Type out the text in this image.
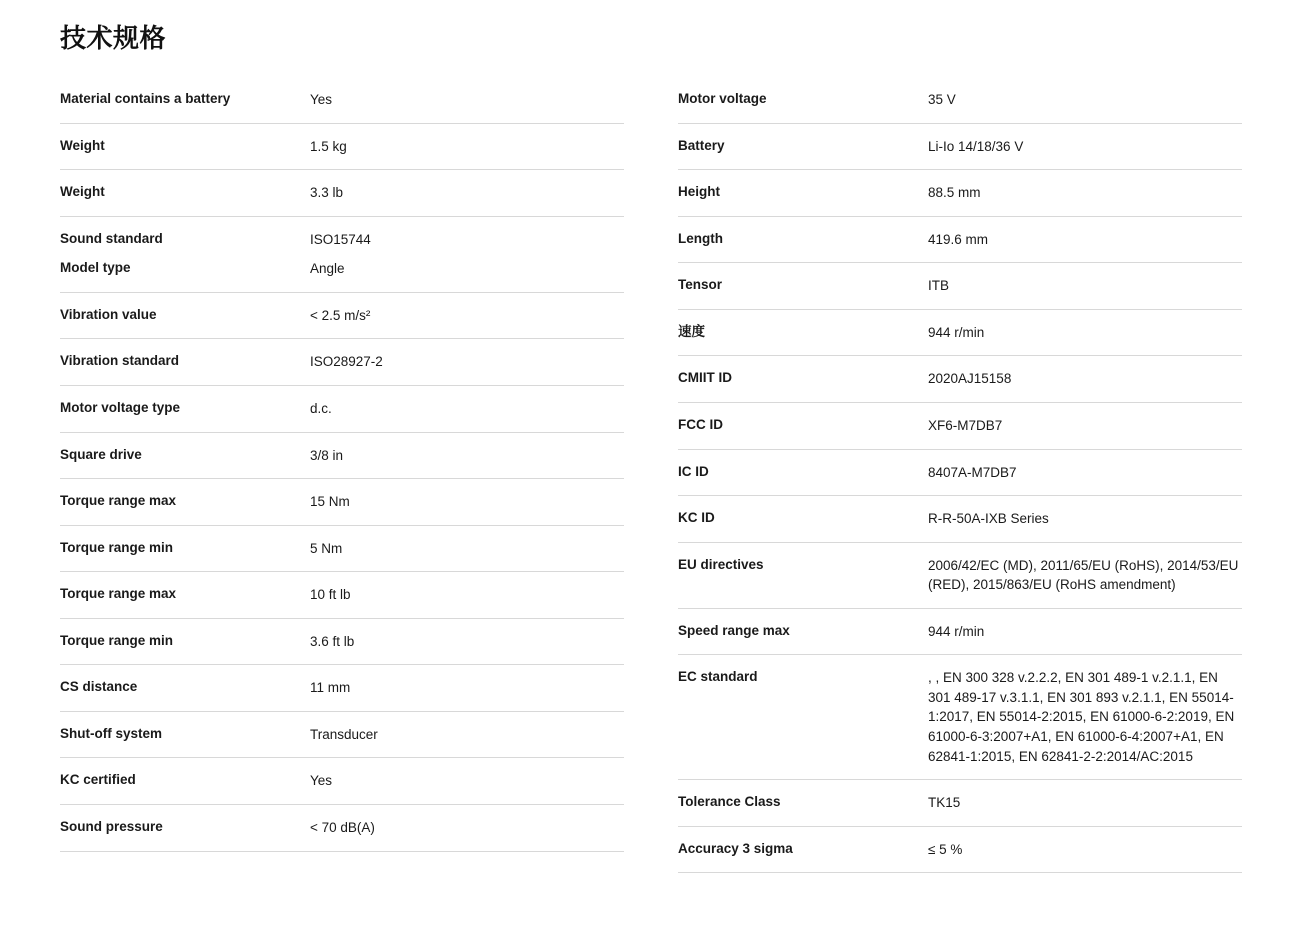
技术规格
Material contains a battery	Yes
Weight	1.5 kg
Weight	3.3 lb
Sound standard	ISO15744
Model type	Angle
Vibration value	< 2.5 m/s²
Vibration standard	ISO28927-2
Motor voltage type	d.c.
Square drive	3/8 in
Torque range max	15 Nm
Torque range min	5 Nm
Torque range max	10 ft lb
Torque range min	3.6 ft lb
CS distance	11 mm
Shut-off system	Transducer
KC certified	Yes
Sound pressure	< 70 dB(A)
Motor voltage	35 V
Battery	Li-Io 14/18/36 V
Height	88.5 mm
Length	419.6 mm
Tensor	ITB
速度	944 r/min
CMIIT ID	2020AJ15158
FCC ID	XF6-M7DB7
IC ID	8407A-M7DB7
KC ID	R-R-50A-IXB Series
EU directives	2006/42/EC (MD), 2011/65/EU (RoHS), 2014/53/EU (RED), 2015/863/EU (RoHS amendment)
Speed range max	944 r/min
EC standard	, , EN 300 328 v.2.2.2, EN 301 489-1 v.2.1.1, EN 301 489-17 v.3.1.1, EN 301 893 v.2.1.1, EN 55014-1:2017, EN 55014-2:2015, EN 61000-6-2:2019, EN 61000-6-3:2007+A1, EN 61000-6-4:2007+A1, EN 62841-1:2015, EN 62841-2-2:2014/AC:2015
Tolerance Class	TK15
Accuracy 3 sigma	≤ 5 %
